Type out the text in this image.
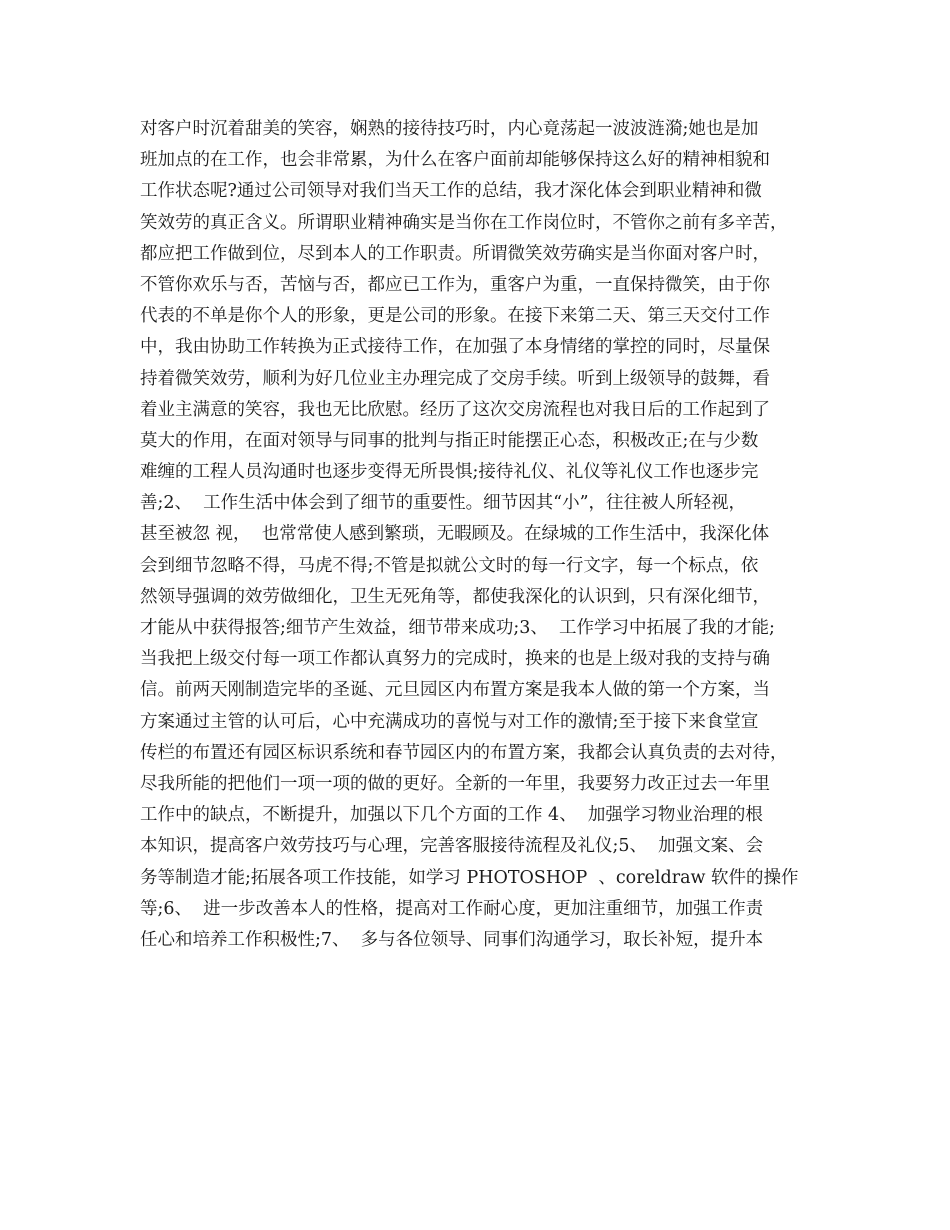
对客户时沉着甜美的笑容，娴熟的接待技巧时，内心竟荡起一波波涟漪;她也是加
班加点的在工作，也会非常累，为什么在客户面前却能够保持这么好的精神相貌和
工作状态呢?通过公司领导对我们当天工作的总结，我才深化体会到职业精神和微
笑效劳的真正含义。所谓职业精神确实是当你在工作岗位时，不管你之前有多辛苦，
都应把工作做到位，尽到本人的工作职责。所谓微笑效劳确实是当你面对客户时，
不管你欢乐与否，苦恼与否，都应已工作为，重客户为重，一直保持微笑，由于你
代表的不单是你个人的形象，更是公司的形象。在接下来第二天、第三天交付工作
中，我由协助工作转换为正式接待工作，在加强了本身情绪的掌控的同时，尽量保
持着微笑效劳，顺利为好几位业主办理完成了交房手续。听到上级领导的鼓舞，看
着业主满意的笑容，我也无比欣慰。经历了这次交房流程也对我日后的工作起到了
莫大的作用，在面对领导与同事的批判与指正时能摆正心态，积极改正;在与少数
难缠的工程人员沟通时也逐步变得无所畏惧;接待礼仪、礼仪等礼仪工作也逐步完
善;2、  工作生活中体会到了细节的重要性。细节因其“小”，往往被人所轻视，
甚至被忽 视，  也常常使人感到繁琐，无暇顾及。在绿城的工作生活中，我深化体
会到细节忽略不得，马虎不得;不管是拟就公文时的每一行文字，每一个标点，依
然领导强调的效劳做细化，卫生无死角等，都使我深化的认识到，只有深化细节，
才能从中获得报答;细节产生效益，细节带来成功;3、  工作学习中拓展了我的才能;
当我把上级交付每一项工作都认真努力的完成时，换来的也是上级对我的支持与确
信。前两天刚制造完毕的圣诞、元旦园区内布置方案是我本人做的第一个方案，当
方案通过主管的认可后，心中充满成功的喜悦与对工作的激情;至于接下来食堂宣
传栏的布置还有园区标识系统和春节园区内的布置方案，我都会认真负责的去对待，
尽我所能的把他们一项一项的做的更好。全新的一年里，我要努力改正过去一年里
工作中的缺点，不断提升，加强以下几个方面的工作 4、  加强学习物业治理的根
本知识，提高客户效劳技巧与心理，完善客服接待流程及礼仪;5、  加强文案、会
务等制造才能;拓展各项工作技能，如学习 PHOTOSHOP  、coreldraw 软件的操作
等;6、  进一步改善本人的性格，提高对工作耐心度，更加注重细节，加强工作责
任心和培养工作积极性;7、  多与各位领导、同事们沟通学习，取长补短，提升本
